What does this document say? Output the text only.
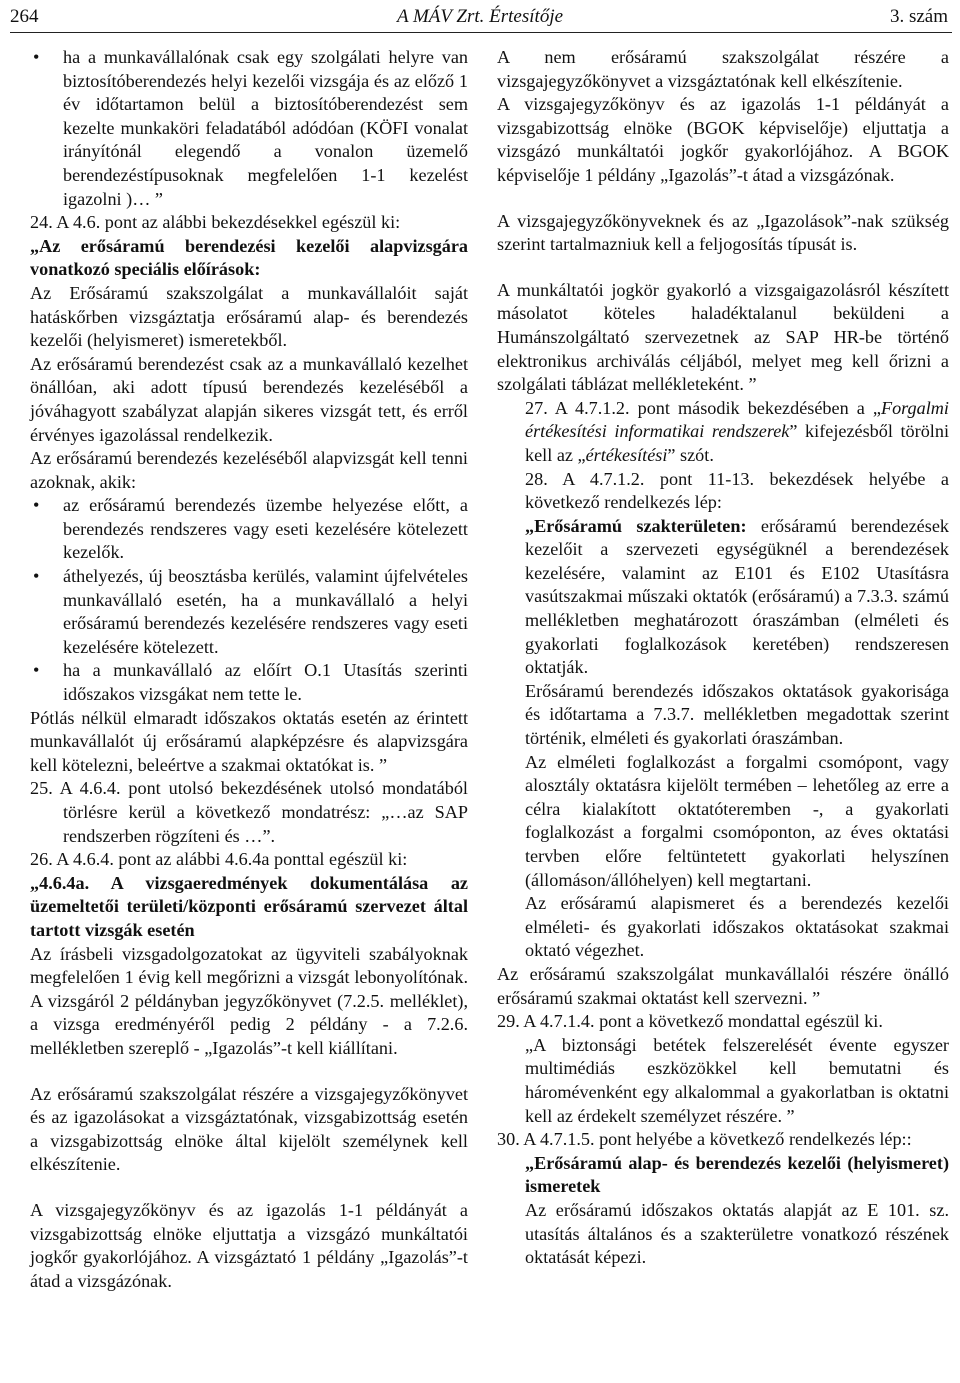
264	A MÁV Zrt. Értesítője	3. szám

• ha a munkavállalónak csak egy szolgálati helyre van biztosítóberendezés helyi kezelői vizsgája és az előző 1 év időtartamon belül a biztosítóberendezést sem kezelte munkaköri feladatából adódóan (KÖFI vonalat irányítónál elegendő a vonalon üzemelő berendezéstípusoknak megfelelően 1-1 kezelést igazolni )… ”

24. A 4.6. pont az alábbi bekezdésekkel egészül ki:

„Az erősáramú berendezési kezelői alapvizsgára vonatkozó speciális előírások:

Az Erősáramú szakszolgálat a munkavállalóit saját hatáskőrben vizsgáztatja erősáramú alap- és berendezés kezelői (helyismeret) ismeretekből.

Az erősáramú berendezést csak az a munkavállaló kezelhet önállóan, aki adott típusú berendezés kezeléséből a jóváhagyott szabályzat alapján sikeres vizsgát tett, és erről érvényes igazolással rendelkezik.

Az erősáramú berendezés kezeléséből alapvizsgát kell tenni azoknak, akik:

• az erősáramú berendezés üzembe helyezése előtt, a berendezés rendszeres vagy eseti kezelésére kötelezett kezelők.

• áthelyezés, új beosztásba kerülés, valamint újfelvételes munkavállaló esetén, ha a munkavállaló a helyi erősáramú berendezés kezelésére rendszeres vagy eseti kezelésére kötelezett.

• ha a munkavállaló az előírt O.1 Utasítás szerinti időszakos vizsgákat nem tette le.

Pótlás nélkül elmaradt időszakos oktatás esetén az érintett munkavállalót új erősáramú alapképzésre és alapvizsgára kell kötelezni, beleértve a szakmai oktatókat is. ”

25. A 4.6.4. pont utolsó bekezdésének utolsó mondatából törlésre kerül a következő mondatrész: „…az SAP rendszerben rögzíteni és …”.

26. A 4.6.4. pont az alábbi 4.6.4a ponttal egészül ki:

„4.6.4a. A vizsgaeredmények dokumentálása az üzemeltetői területi/központi erősáramú szervezet által tartott vizsgák esetén

Az írásbeli vizsgadolgozatokat az ügyviteli szabályoknak megfelelően 1 évig kell megőrizni a vizsgát lebonyolítónak. A vizsgáról 2 példányban jegyzőkönyvet (7.2.5. melléklet), a vizsga eredményéről pedig 2 példány - a 7.2.6. mellékletben szereplő - „Igazolás”-t kell kiállítani.

Az erősáramú szakszolgálat részére a vizsgajegyzőkönyvet és az igazolásokat a vizsgáztatónak, vizsgabizottság esetén a vizsgabizottság elnöke által kijelölt személynek kell elkészítenie.

A vizsgajegyzőkönyv és az igazolás 1-1 példányát a vizsgabizottság elnöke eljuttatja a vizsgázó munkáltatói jogkőr gyakorlójához. A vizsgáztató 1 példány „Igazolás”-t átad a vizsgázónak.

A nem erősáramú szakszolgálat részére a vizsgajegyzőkönyvet a vizsgáztatónak kell elkészítenie.

A vizsgajegyzőkönyv és az igazolás 1-1 példányát a vizsgabizottság elnöke (BGOK képviselője) eljuttatja a vizsgázó munkáltatói jogkőr gyakorlójához. A BGOK képviselője 1 példány „Igazolás”-t átad a vizsgázónak.

A vizsgajegyzőkönyveknek és az „Igazolások”-nak szükség szerint tartalmazniuk kell a feljogosítás típusát is.

A munkáltatói jogkör gyakorló a vizsgaigazolásról készített másolatot köteles haladéktalanul beküldeni a Humánszolgáltató szervezetnek az SAP HR-be történő elektronikus archiválás céljából, melyet meg kell őrizni a szolgálati táblázat mellékleteként. ”

27. A 4.7.1.2. pont második bekezdésében a „Forgalmi értékesítési informatikai rendszerek” kifejezésből törölni kell az „értékesítési” szót.

28. A 4.7.1.2. pont 11-13. bekezdések helyébe a következő rendelkezés lép:

„Erősáramú szakterületen: erősáramú berendezések kezelőit a szervezeti egységüknél a berendezések kezelésére, valamint az E101 és E102 Utasításra vasútszakmai műszaki oktatók (erősáramú) a 7.3.3. számú mellékletben meghatározott óraszámban (elméleti és gyakorlati foglalkozások keretében) rendszeresen oktatják.

Erősáramú berendezés időszakos oktatások gyakorisága és időtartama a 7.3.7. mellékletben megadottak szerint történik, elméleti és gyakorlati óraszámban.

Az elméleti foglalkozást a forgalmi csomópont, vagy alosztály oktatásra kijelölt termében – lehetőleg az erre a célra kialakított oktatóteremben -, a gyakorlati foglalkozást a forgalmi csomóponton, az éves oktatási tervben előre feltüntetett gyakorlati helyszínen (állomáson/állóhelyen) kell megtartani.

Az erősáramú alapismeret és a berendezés kezelői elméleti- és gyakorlati időszakos oktatásokat szakmai oktató végezhet.

Az erősáramú szakszolgálat munkavállalói részére önálló erősáramú szakmai oktatást kell szervezni. ”

29. A 4.7.1.4. pont a következő mondattal egészül ki.

„A biztonsági betétek felszerelését évente egyszer multimédiás eszközökkel kell bemutatni és háromévenként egy alkalommal a gyakorlatban is oktatni kell az érdekelt személyzet részére. ”

30. A 4.7.1.5. pont helyébe a következő rendelkezés lép::

„Erősáramú alap- és berendezés kezelői (helyismeret) ismeretek

Az erősáramú időszakos oktatás alapját az E 101. sz. utasítás általános és a szakterületre vonatkozó részének oktatását képezi.
